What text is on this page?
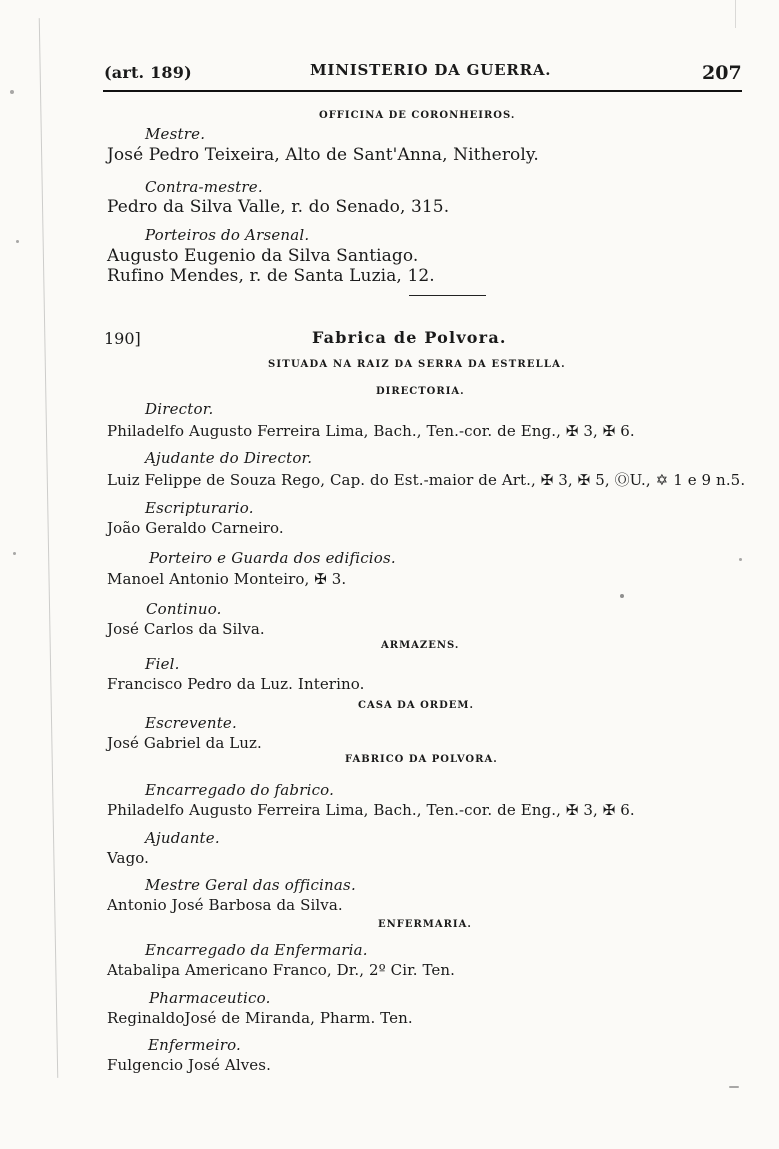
(art. 189)	MINISTERIO DA GUERRA.	207
OFFICINA DE CORONHEIROS.
Mestre.
José Pedro Teixeira, Alto de Sant'Anna, Nitheroly.
Contra-mestre.
Pedro da Silva Valle, r. do Senado, 315.
Porteiros do Arsenal.
Augusto Eugenio da Silva Santiago.
Rufino Mendes, r. de Santa Luzia, 12.
190]	Fabrica de Polvora.
SITUADA NA RAIZ DA SERRA DA ESTRELLA.
DIRECTORIA.
Director.
Philadelfo Augusto Ferreira Lima, Bach., Ten.-cor. de Eng., ✠ 3, ✠ 6.
Ajudante do Director.
Luiz Felippe de Souza Rego, Cap. do Est.-maior de Art., ✠ 3, ✠ 5, ⓄU., ✡ 1 e 9 n.5.
Escripturario.
João Geraldo Carneiro.
Porteiro e Guarda dos edificios.
Manoel Antonio Monteiro, ✠ 3.
Continuo.
José Carlos da Silva.
ARMAZENS.
Fiel.
Francisco Pedro da Luz. Interino.
CASA DA ORDEM.
Escrevente.
José Gabriel da Luz.
FABRICO DA POLVORA.
Encarregado do fabrico.
Philadelfo Augusto Ferreira Lima, Bach., Ten.-cor. de Eng., ✠ 3, ✠ 6.
Ajudante.
Vago.
Mestre Geral das officinas.
Antonio José Barbosa da Silva.
ENFERMARIA.
Encarregado da Enfermaria.
Atabalipa Americano Franco, Dr., 2º Cir. Ten.
Pharmaceutico.
ReginaldoJosé de Miranda, Pharm. Ten.
Enfermeiro.
Fulgencio José Alves.
